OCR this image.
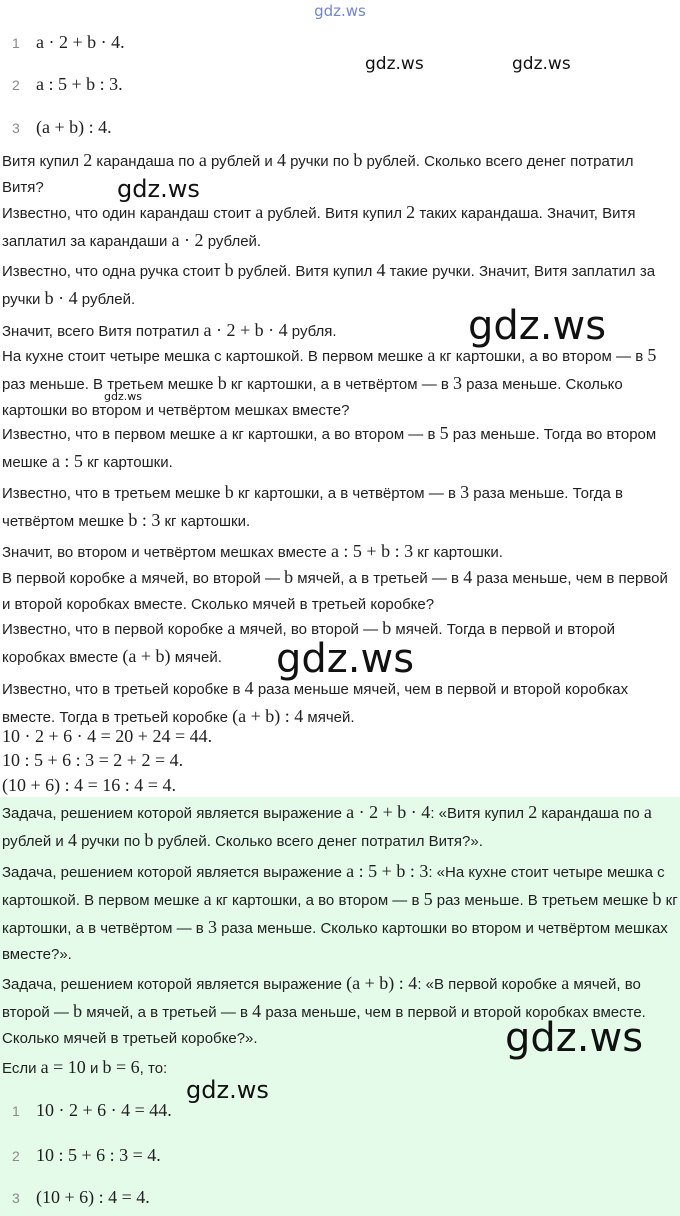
gdz.ws
1 a · 2 + b · 4.
2 a : 5 + b : 3.
3 (a + b) : 4.
Витя купил 2 карандаша по a рублей и 4 ручки по b рублей. Сколько всего денег потратил Витя?
Известно, что один карандаш стоит a рублей. Витя купил 2 таких карандаша. Значит, Витя заплатил за карандаши a · 2 рублей.
Известно, что одна ручка стоит b рублей. Витя купил 4 такие ручки. Значит, Витя заплатил за ручки b · 4 рублей.
Значит, всего Витя потратил a · 2 + b · 4 рубля.
На кухне стоит четыре мешка с картошкой. В первом мешке a кг картошки, а во втором — в 5 раз меньше. В третьем мешке b кг картошки, а в четвёртом — в 3 раза меньше. Сколько картошки во втором и четвёртом мешках вместе?
Известно, что в первом мешке a кг картошки, а во втором — в 5 раз меньше. Тогда во втором мешке a : 5 кг картошки.
Известно, что в третьем мешке b кг картошки, а в четвёртом — в 3 раза меньше. Тогда в четвёртом мешке b : 3 кг картошки.
Значит, во втором и четвёртом мешках вместе a : 5 + b : 3 кг картошки.
В первой коробке a мячей, во второй — b мячей, а в третьей — в 4 раза меньше, чем в первой и второй коробках вместе. Сколько мячей в третьей коробке?
Известно, что в первой коробке a мячей, во второй — b мячей. Тогда в первой и второй коробках вместе (a + b) мячей.
Известно, что в третьей коробке в 4 раза меньше мячей, чем в первой и второй коробках вместе. Тогда в третьей коробке (a + b) : 4 мячей.
10 · 2 + 6 · 4 = 20 + 24 = 44.
10 : 5 + 6 : 3 = 2 + 2 = 4.
(10 + 6) : 4 = 16 : 4 = 4.
Задача, решением которой является выражение a · 2 + b · 4: «Витя купил 2 карандаша по a рублей и 4 ручки по b рублей. Сколько всего денег потратил Витя?».
Задача, решением которой является выражение a : 5 + b : 3: «На кухне стоит четыре мешка с картошкой. В первом мешке a кг картошки, а во втором — в 5 раз меньше. В третьем мешке b кг картошки, а в четвёртом — в 3 раза меньше. Сколько картошки во втором и четвёртом мешках вместе?».
Задача, решением которой является выражение (a + b) : 4: «В первой коробке a мячей, во второй — b мячей, а в третьей — в 4 раза меньше, чем в первой и второй коробках вместе. Сколько мячей в третьей коробке?».
Если a = 10 и b = 6, то:
1 10 · 2 + 6 · 4 = 44.
2 10 : 5 + 6 : 3 = 4.
3 (10 + 6) : 4 = 4.
gdz.ws	gdz.ws
gdz.ws
gdz.ws
gdz.ws
gdz.ws
gdz.ws
gdz.ws
